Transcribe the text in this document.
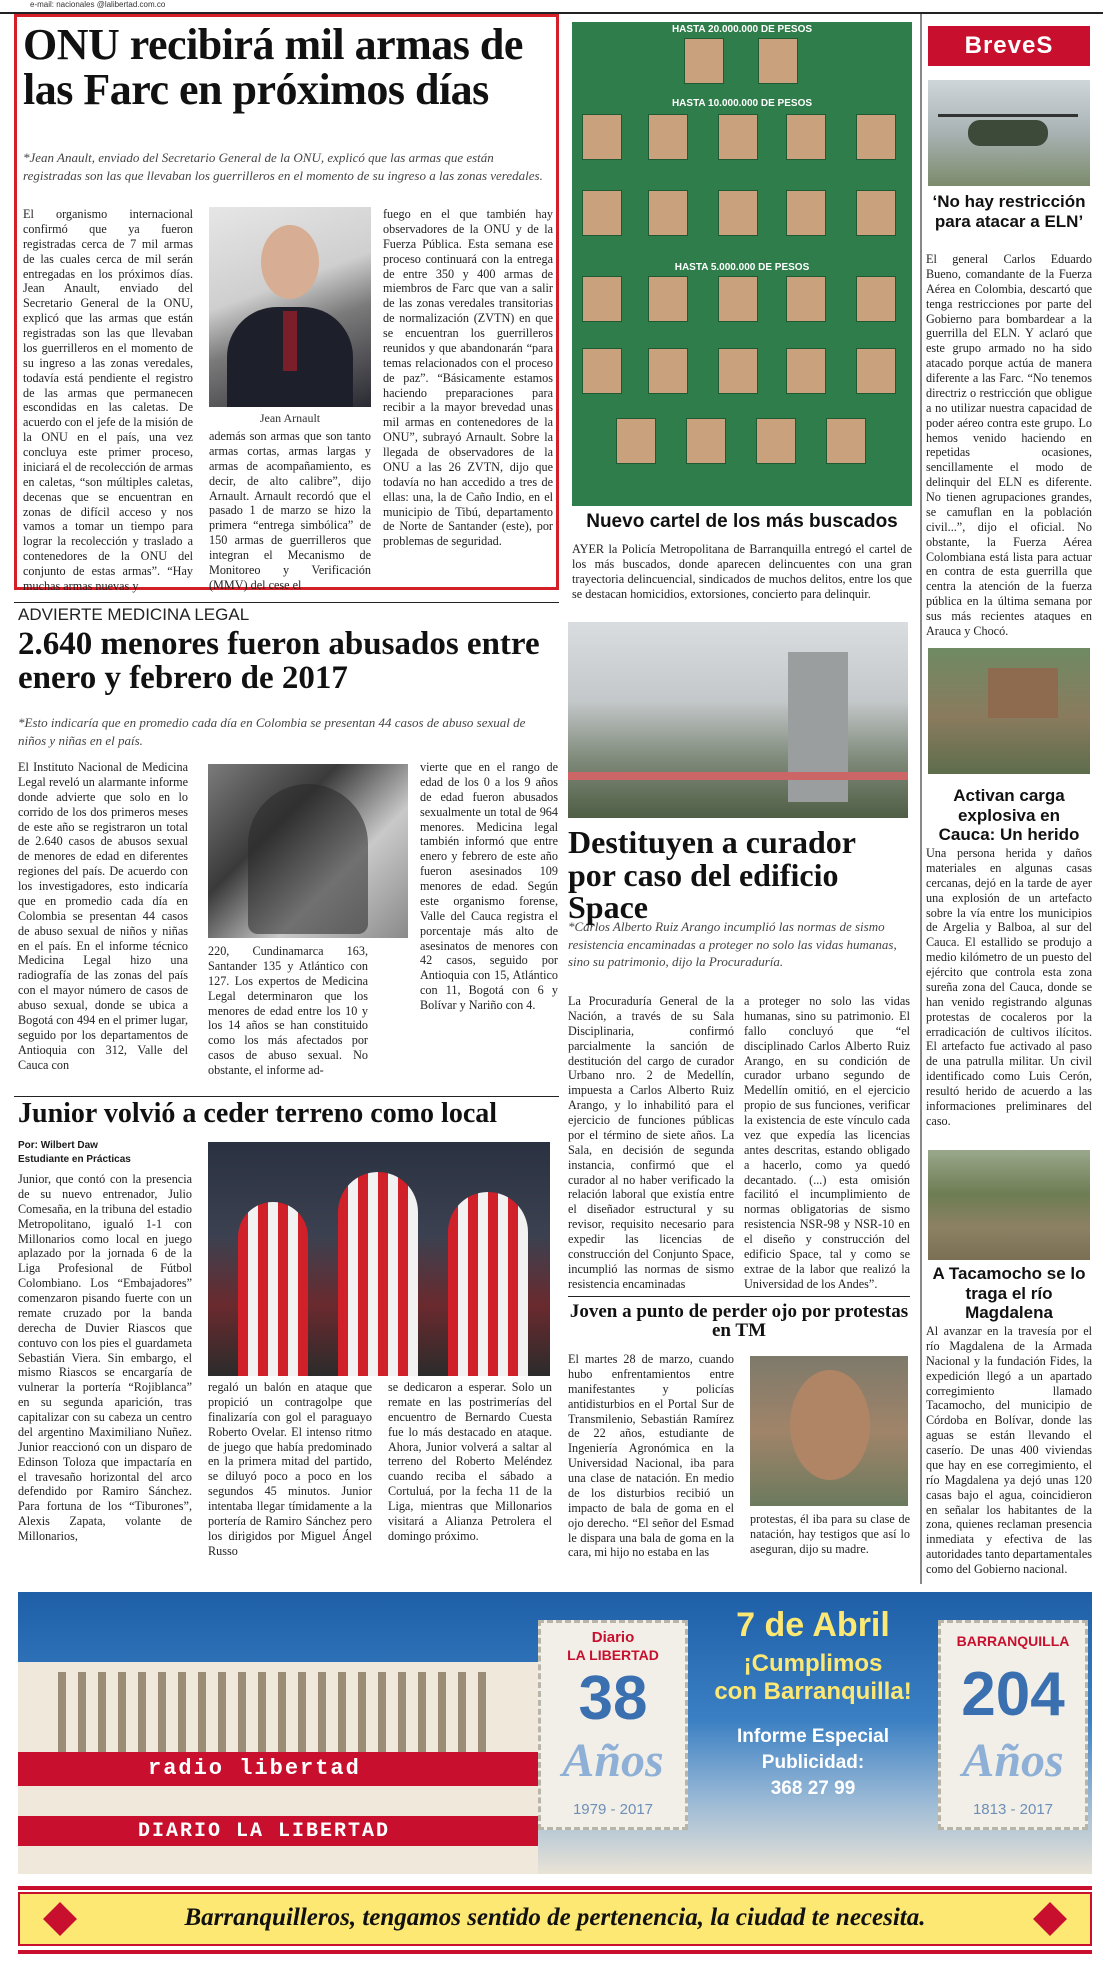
e-mail: nacionales @lalibertad.com.co
ONU recibirá mil armas de las Farc en próximos días
*Jean Anault, enviado del Secretario General de la ONU, explicó que las armas que están registradas son las que llevaban los guerrilleros en el momento de su ingreso a las zonas veredales.
El organismo internacional confirmó que ya fueron registradas cerca de 7 mil armas de las cuales cerca de mil serán entregadas en los próximos días. Jean Anault, enviado del Secretario General de la ONU, explicó que las armas que están registradas son las que llevaban los guerrilleros en el momento de su ingreso a las zonas veredales, todavía está pendiente el registro de las armas que permanecen escondidas en las caletas. De acuerdo con el jefe de la misión de la ONU en el país, una vez concluya este primer proceso, iniciará el de recolección de armas en caletas, “son múltiples caletas, decenas que se encuentran en zonas de difícil acceso y nos vamos a tomar un tiempo para lograr la recolección y traslado a contenedores de la ONU del conjunto de estas armas”. “Hay muchas armas nuevas y
Jean Arnault
además son armas que son tanto armas cortas, armas largas y armas de acompañamiento, es decir, de alto calibre”, dijo Arnault. Arnault recordó que el pasado 1 de marzo se hizo la primera “entrega simbólica” de 150 armas de guerrilleros que integran el Mecanismo de Monitoreo y Verificación (MMV) del cese el
fuego en el que también hay observadores de la ONU y de la Fuerza Pública. Esta semana ese proceso continuará con la entrega de entre 350 y 400 armas de miembros de Farc que van a salir de las zonas veredales transitorias de normalización (ZVTN) en que se encuentran los guerrilleros reunidos y que abandonarán “para temas relacionados con el proceso de paz”. “Básicamente estamos haciendo preparaciones para recibir a la mayor brevedad unas mil armas en contenedores de la ONU”, subrayó Arnault. Sobre la llegada de observadores de la ONU a las 26 ZVTN, dijo que todavía no han accedido a tres de ellas: una, la de Caño Indio, en el municipio de Tibú, departamento de Norte de Santander (este), por problemas de seguridad.
HASTA 20.000.000 DE PESOS
HASTA 10.000.000 DE PESOS
HASTA 5.000.000 DE PESOS
Nuevo cartel de los más buscados
AYER la Policía Metropolitana de Barranquilla entregó el cartel de los más buscados, donde aparecen delincuentes con una gran trayectoria delincuencial, sindicados de muchos delitos, entre los que se destacan homicidios, extorsiones, concierto para delinquir.
ADVIERTE MEDICINA LEGAL
2.640 menores fueron abusados entre enero y febrero de 2017
*Esto indicaría que en promedio cada día en Colombia se presentan 44 casos de abuso sexual de niños y niñas en el país.
El Instituto Nacional de Medicina Legal reveló un alarmante informe donde advierte que solo en lo corrido de los dos primeros meses de este año se registraron un total de 2.640 casos de abusos sexual de menores de edad en diferentes regiones del país. De acuerdo con los investigadores, esto indicaría que en promedio cada día en Colombia se presentan 44 casos de abuso sexual de niños y niñas en el país. En el informe técnico Medicina Legal hizo una radiografía de las zonas del país con el mayor número de casos de abuso sexual, donde se ubica a Bogotá con 494 en el primer lugar, seguido por los departamentos de Antioquia con 312, Valle del Cauca con
vierte que en el rango de edad de los 0 a los 9 años de edad fueron abusados sexualmente un total de 964 menores. Medicina legal también informó que entre enero y febrero de este año fueron asesinados 109 menores de edad. Según este organismo forense, Valle del Cauca registra el porcentaje más alto de asesinatos de menores con 42 casos, seguido por Antioquia con 15, Atlántico con 11, Bogotá con 6 y Bolívar y Nariño con 4.
220, Cundinamarca 163, Santander 135 y Atlántico con 127. Los expertos de Medicina Legal determinaron que los menores de edad entre los 10 y los 14 años se han constituido como los más afectados por casos de abuso sexual. No obstante, el informe ad-
Destituyen a curador por caso del edificio Space
*Carlos Alberto Ruiz Arango incumplió las normas de sismo resistencia encaminadas a proteger no solo las vidas humanas, sino su patrimonio, dijo la Procuraduría.
La Procuraduría General de la Nación, a través de su Sala Disciplinaria, confirmó parcialmente la sanción de destitución del cargo de curador Urbano nro. 2 de Medellín, impuesta a Carlos Alberto Ruiz Arango, y lo inhabilitó para el ejercicio de funciones públicas por el término de siete años. La Sala, en decisión de segunda instancia, confirmó que el curador al no haber verificado la relación laboral que existía entre el diseñador estructural y su revisor, requisito necesario para expedir las licencias de construcción del Conjunto Space, incumplió las normas de sismo resistencia encaminadas
a proteger no solo las vidas humanas, sino su patrimonio. El fallo concluyó que “el disciplinado Carlos Alberto Ruiz Arango, en su condición de curador urbano segundo de Medellín omitió, en el ejercicio propio de sus funciones, verificar la existencia de este vínculo cada vez que expedía las licencias antes descritas, estando obligado a hacerlo, como ya quedó decantado. (...) esta omisión facilitó el incumplimiento de normas obligatorias de sismo resistencia NSR-98 y NSR-10 en el diseño y construcción del edificio Space, tal y como se extrae de la labor que realizó la Universidad de los Andes”.
Junior volvió a ceder terreno como local
Por: Wilbert Daw
Estudiante en Prácticas
Junior, que contó con la presencia de su nuevo entrenador, Julio Comesaña, en la tribuna del estadio Metropolitano, igualó 1-1 con Millonarios como local en juego aplazado por la jornada 6 de la Liga Profesional de Fútbol Colombiano. Los “Embajadores” comenzaron pisando fuerte con un remate cruzado por la banda derecha de Duvier Riascos que contuvo con los pies el guardameta Sebastián Viera. Sin embargo, el mismo Riascos se encargaría de vulnerar la portería “Rojiblanca” en su segunda aparición, tras capitalizar con su cabeza un centro del argentino Maximiliano Nuñez. Junior reaccionó con un disparo de Edinson Toloza que impactaría en el travesaño horizontal del arco defendido por Ramiro Sánchez. Para fortuna de los “Tiburones”, Alexis Zapata, volante de Millonarios,
regaló un balón en ataque que propició un contragolpe que finalizaría con gol el paraguayo Roberto Ovelar. El intenso ritmo de juego que había predominado en la primera mitad del partido, se diluyó poco a poco en los segundos 45 minutos. Junior intentaba llegar tímidamente a la portería de Ramiro Sánchez pero los dirigidos por Miguel Ángel Russo
se dedicaron a esperar. Solo un remate en las postrimerías del encuentro de Bernardo Cuesta fue lo más destacado en ataque. Ahora, Junior volverá a saltar al terreno del Roberto Meléndez cuando reciba el sábado a Cortuluá, por la fecha 11 de la Liga, mientras que Millonarios visitará a Alianza Petrolera el domingo próximo.
Joven a punto de perder ojo por protestas en TM
El martes 28 de marzo, cuando hubo enfrentamientos entre manifestantes y policías antidisturbios en el Portal Sur de Transmilenio, Sebastián Ramírez de 22 años, estudiante de Ingeniería Agronómica en la Universidad Nacional, iba para una clase de natación. En medio de los disturbios recibió un impacto de bala de goma en el ojo derecho. “El señor del Esmad le dispara una bala de goma en la cara, mi hijo no estaba en las
protestas, él iba para su clase de natación, hay testigos que así lo aseguran, dijo su madre.
BreveS
‘No hay restricción para atacar a ELN’
El general Carlos Eduardo Bueno, comandante de la Fuerza Aérea en Colombia, descartó que tenga restricciones por parte del Gobierno para bombardear a la guerrilla del ELN. Y aclaró que este grupo armado no ha sido atacado porque actúa de manera diferente a las Farc. “No tenemos directriz o restricción que obligue a no utilizar nuestra capacidad de poder aéreo contra este grupo. Lo hemos venido haciendo en repetidas ocasiones, sencillamente el modo de delinquir del ELN es diferente. No tienen agrupaciones grandes, se camuflan en la población civil...”, dijo el oficial. No obstante, la Fuerza Aérea Colombiana está lista para actuar en contra de esta guerrilla que centra la atención de la fuerza pública en la última semana por sus más recientes ataques en Arauca y Chocó.
Activan carga explosiva en Cauca: Un herido
Una persona herida y daños materiales en algunas casas cercanas, dejó en la tarde de ayer una explosión de un artefacto sobre la vía entre los municipios de Argelia y Balboa, al sur del Cauca. El estallido se produjo a medio kilómetro de un puesto del ejército que controla esta zona sureña zona del Cauca, donde se han venido registrando algunas protestas de cocaleros por la erradicación de cultivos ilícitos. El artefacto fue activado al paso de una patrulla militar. Un civil identificado como Luis Cerón, resultó herido de acuerdo a las informaciones preliminares del caso.
A Tacamocho se lo traga el río Magdalena
Al avanzar en la travesía por el río Magdalena de la Armada Nacional y la fundación Fides, la expedición llegó a un apartado corregimiento llamado Tacamocho, del municipio de Córdoba en Bolívar, donde las aguas se están llevando el caserío. De unas 400 viviendas que hay en ese corregimiento, el río Magdalena ya dejó unas 120 casas bajo el agua, coincidieron en señalar los habitantes de la zona, quienes reclaman presencia inmediata y efectiva de las autoridades tanto departamentales como del Gobierno nacional.
radio libertad
DIARIO LA LIBERTAD
Diario
LA LIBERTAD
38
Años
1979 - 2017
7 de Abril
¡Cumplimos
con Barranquilla!
Informe Especial
Publicidad:
368 27 99
BARRANQUILLA
204
Años
1813 - 2017
Barranquilleros, tengamos sentido de pertenencia, la ciudad te necesita.
